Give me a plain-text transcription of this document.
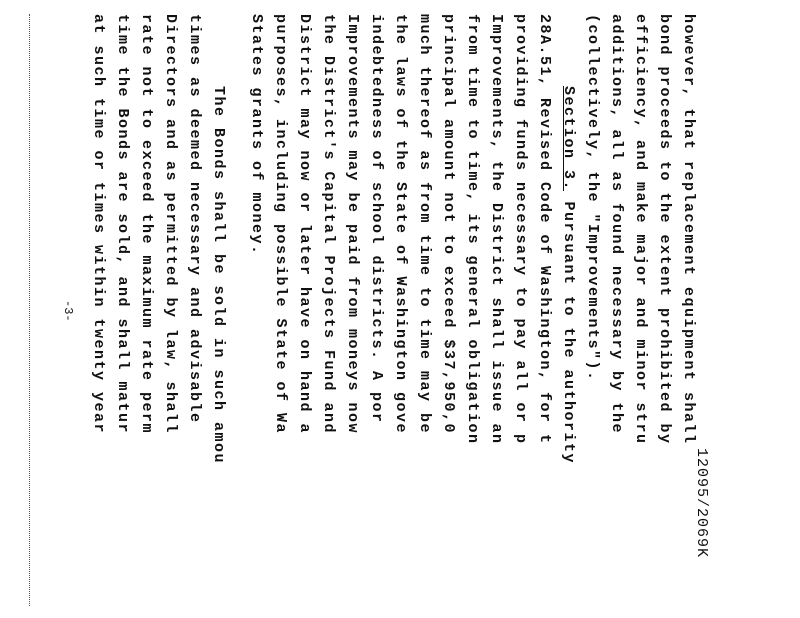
12095/2069K
however, that replacement equipment shall
bond proceeds to the extent prohibited by
efficiency, and make major and minor stru
additions, all as found necessary by the
(collectively, the "Improvements").
Section 3. Pursuant to the authority
28A.51, Revised Code of Washington, for t
providing funds necessary to pay all or p
Improvements, the District shall issue an
from time to time, its general obligation
principal amount not to exceed $37,950,0
much thereof as from time to time may be
the laws of the State of Washington gove
indebtedness of school districts. A por
Improvements may be paid from moneys now
the District's Capital Projects Fund and
District may now or later have on hand a
purposes, including possible State of Wa
States grants of money.
The Bonds shall be sold in such amou
times as deemed necessary and advisable
Directors and as permitted by law, shall
rate not to exceed the maximum rate perm
time the Bonds are sold, and shall matur
at such time or times within twenty year
-3-
